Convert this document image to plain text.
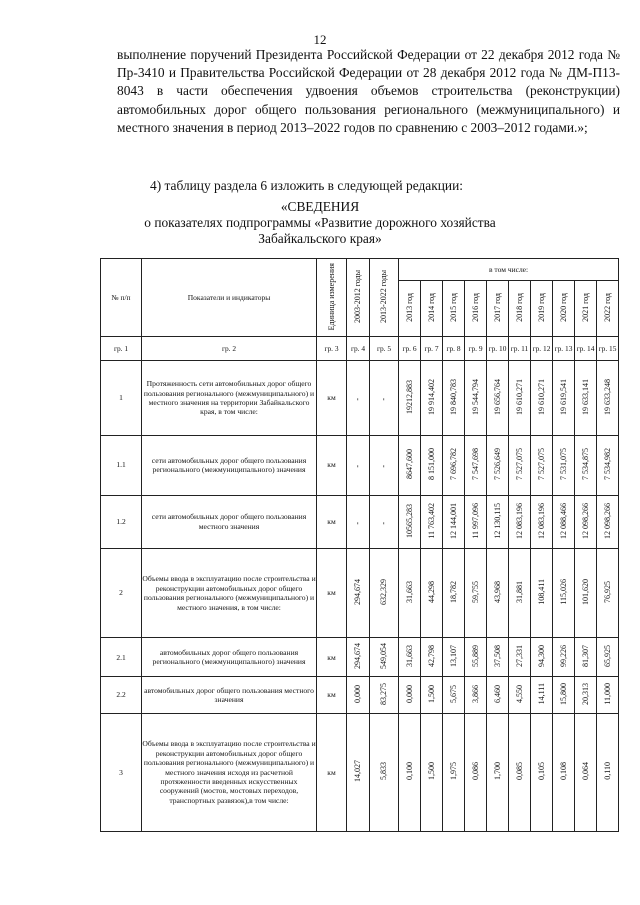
12
выполнение поручений Президента Российской Федерации от 22 декабря 2012 года № Пр-3410 и Правительства Российской Федерации от 28 декабря 2012 года № ДМ-П13-8043 в части обеспечения удвоения объемов строительства (реконструкции) автомобильных дорог общего пользования регионального (межмуниципального) и местного значения в период 2013–2022 годов по сравнению с 2003–2012 годами.»;
4) таблицу раздела 6 изложить в следующей редакции:
«СВЕДЕНИЯ
о показателях подпрограммы «Развитие дорожного хозяйства
Забайкальского края»
№ п/п	Показатели и индикаторы	Единица измерения	2003-2012 годы	2013-2022 годы	в том числе:									
					2013 год	2014 год	2015 год	2016 год	2017 год	2018 год	2019 год	2020 год	2021 год	2022 год
гр. 1	гр. 2	гр. 3	гр. 4	гр. 5	гр. 6	гр. 7	гр. 8	гр. 9	гр. 10	гр. 11	гр. 12	гр. 13	гр. 14	гр. 15
1	Протяженность сети автомобильных дорог общего пользования регионального (межмуниципального) и местного значения на территории Забайкальского края, в том числе:	км	-	-	19212,883	19 914,402	19 840,783	19 544,794	19 656,764	19 610,271	19 610,271	19 619,541	19 633,141	19 633,248
1.1	сети автомобильных дорог общего пользования регионального (межмуниципального) значения	км	-	-	8647,600	8 151,000	7 696,782	7 547,698	7 526,649	7 527,075	7 527,075	7 531,075	7 534,875	7 534,982
1.2	сети автомобильных дорог общего пользования местного значения	км	-	-	10565,283	11 763,402	12 144,001	11 997,096	12 130,115	12 083,196	12 083,196	12 088,466	12 098,266	12 098,266
2	Объемы ввода в эксплуатацию после строительства и реконструкции автомобильных дорог общего пользования регионального (межмуниципального) и местного значения, в том числе:	км	294,674	632,329	31,663	44,298	18,782	59,755	43,968	31,881	108,411	115,026	101,620	76,925
2.1	автомобильных дорог общего пользования регионального (межмуниципального) значения	км	294,674	549,054	31,663	42,798	13,107	55,889	37,508	27,331	94,300	99,226	81,307	65,925
2.2	автомобильных дорог общего пользования местного значения	км	0,000	83,275	0,000	1,500	5,675	3,866	6,460	4,550	14,111	15,800	20,313	11,000
3	Объемы ввода в эксплуатацию после строительства и реконструкции автомобильных дорог общего пользования регионального (межмуниципального) и местного значения исходя из расчетной протяженности введенных искусственных сооружений (мостов, мостовых переходов, транспортных развязок),в том числе:	км	14,027	5,833	0,100	1,500	1,975	0,086	1,700	0,085	0,105	0,108	0,064	0,110
